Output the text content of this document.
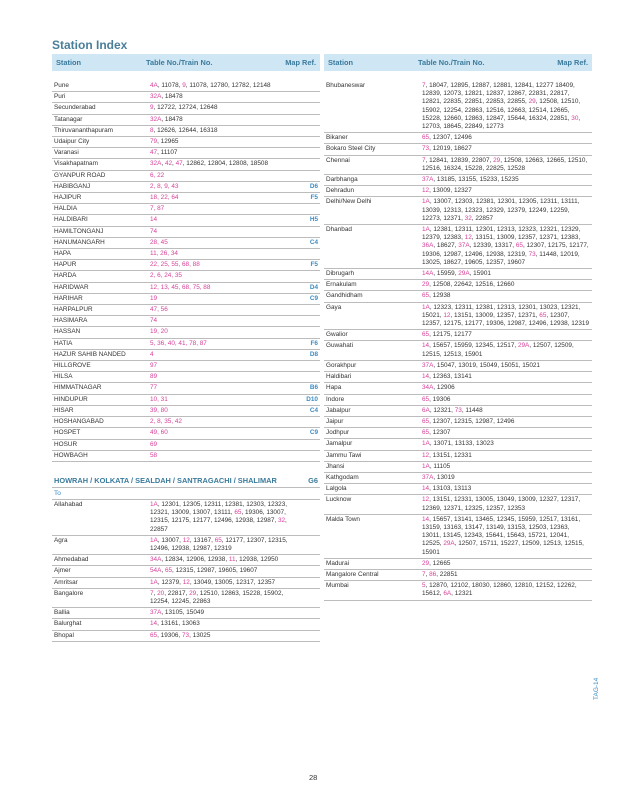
Station Index
Station	Table No./Train No.	Map Ref.
Pune	4A, 11078, 9, 11078, 12780, 12782, 12148
Puri	32A, 18478
Secunderabad	9, 12722, 12724, 12648
Tatanagar	32A, 18478
Thiruvananthapuram	8, 12626, 12644, 16318
Udaipur City	79, 12965
Varanasi	47, 11107
Visakhapatnam	32A, 42, 47, 12862, 12804, 12808, 18508
GYANPUR ROAD	6, 22
HABIBGANJ	2, 8, 9, 43	D6
HAJIPUR	18, 22, 64	F5
HALDIA	7, 87
HALDIBARI	14	H5
HAMILTONGANJ	74
HANUMANGARH	28, 45	C4
HAPA	11, 26, 34
HAPUR	22, 25, 55, 68, 88	F5
HARDA	2, 6, 24, 35
HARIDWAR	12, 13, 45, 68, 75, 88	D4
HARIHAR	19	C9
HARPALPUR	47, 56
HASIMARA	74
HASSAN	19, 20
HATIA	5, 36, 40, 41, 78, 87	F6
HAZUR SAHIB NANDED	4	D8
HILLGROVE	97
HILSA	89
HIMMATNAGAR	77	B6
HINDUPUR	10, 31	D10
HISAR	39, 80	C4
HOSHANGABAD	2, 8, 35, 42
HOSPET	49, 60	C9
HOSUR	69
HOWBAGH	58
HOWRAH / KOLKATA / SEALDAH / SANTRAGACHI / SHALIMAR	G6
To
Allahabad	1A, 12301, 12305, 12311, 12381, 12303, 12323, 12321, 13009, 13007, 13111, 65, 19306, 13007, 12315, 12175, 12177, 12496, 12938, 12987, 32, 22857
Agra	1A, 13007, 12, 13167, 65, 12177, 12307, 12315, 12496, 12938, 12987, 12319
Ahmedabad	34A, 12834, 12906, 12938, 11, 12938, 12950
Ajmer	54A, 65, 12315, 12987, 19605, 19607
Amritsar	1A, 12379, 12, 13049, 13005, 12317, 12357
Bangalore	7, 20, 22817, 29, 12510, 12863, 15228, 15902, 12254, 12245, 22863
Ballia	37A, 13105, 15049
Balurghat	14, 13161, 13063
Bhopal	65, 19306, 73, 13025
Station	Table No./Train No.	Map Ref.
Bhubaneswar	7, 18047, 12895, 12887, 12881, 12841, 12277 18409, 12839, 12073, 12821, 12837, 12867, 22831, 22817, 12821, 22835, 22851, 22853, 22855, 29, 12508, 12510, 15902, 12254, 22863, 12516, 12663, 12514, 12665, 15228, 12660, 12863, 12847, 15644, 16324, 22851, 30, 12703, 18645, 22849, 12773
Bikaner	65, 12307, 12496
Bokaro Steel City	73, 12019, 18627
Chennai	7, 12841, 12839, 22807, 29, 12508, 12663, 12665, 12510, 12516, 16324, 15228, 22825, 12528
Darbhanga	37A, 13185, 13155, 15233, 15235
Dehradun	12, 13009, 12327
Delhi/New Delhi	1A, 13007, 12303, 12381, 12301, 12305, 12311, 13111, 13039, 12313, 12323, 12329, 12379, 12249, 12259, 12273, 12371, 32, 22857
Dhanbad	1A, 12381, 12311, 12301, 12313, 12323, 12321, 12329, 12379, 12383, 12, 13151, 13009, 12357, 12371, 12383, 36A, 18627, 37A, 12339, 13317, 65, 12307, 12175, 12177, 19306, 12987, 12496, 12938, 12319, 73, 11448, 12019, 13025, 18627, 19605, 12357, 19607
Dibrugarh	14A, 15959, 29A, 15901
Ernakulam	29, 12508, 22642, 12516, 12660
Gandhidham	65, 12938
Gaya	1A, 12323, 12311, 12381, 12313, 12301, 13023, 12321, 15021, 12, 13151, 13009, 12357, 12371, 65, 12307, 12357, 12175, 12177, 19306, 12987, 12496, 12938, 12319
Gwalior	65, 12175, 12177
Guwahati	14, 15657, 15959, 12345, 12517, 29A, 12507, 12509, 12515, 12513, 15901
Gorakhpur	37A, 15047, 13019, 15049, 15051, 15021
Haldibari	14, 12363, 13141
Hapa	34A, 12906
Indore	65, 19306
Jabalpur	6A, 12321, 73, 11448
Jaipur	65, 12307, 12315, 12987, 12496
Jodhpur	65, 12307
Jamalpur	1A, 13071, 13133, 13023
Jammu Tawi	12, 13151, 12331
Jhansi	1A, 11105
Kathgodam	37A, 13019
Lalgola	14, 13103, 13113
Lucknow	12, 13151, 12331, 13005, 13049, 13009, 12327, 12317, 12369, 12371, 12325, 12357, 12353
Malda Town	14, 15657, 13141, 13465, 12345, 15959, 12517, 13161, 13159, 13163, 13147, 13149, 13153, 12503, 12363, 13011, 13145, 12343, 15641, 15643, 15721, 12041, 12525, 29A, 12507, 15711, 15227, 12509, 12513, 12515, 15901
Madurai	29, 12665
Mangalore Central	7, 86, 22851
Mumbai	5, 12870, 12102, 18030, 12860, 12810, 12152, 12262, 15612, 6A, 12321
28
TAG-14
